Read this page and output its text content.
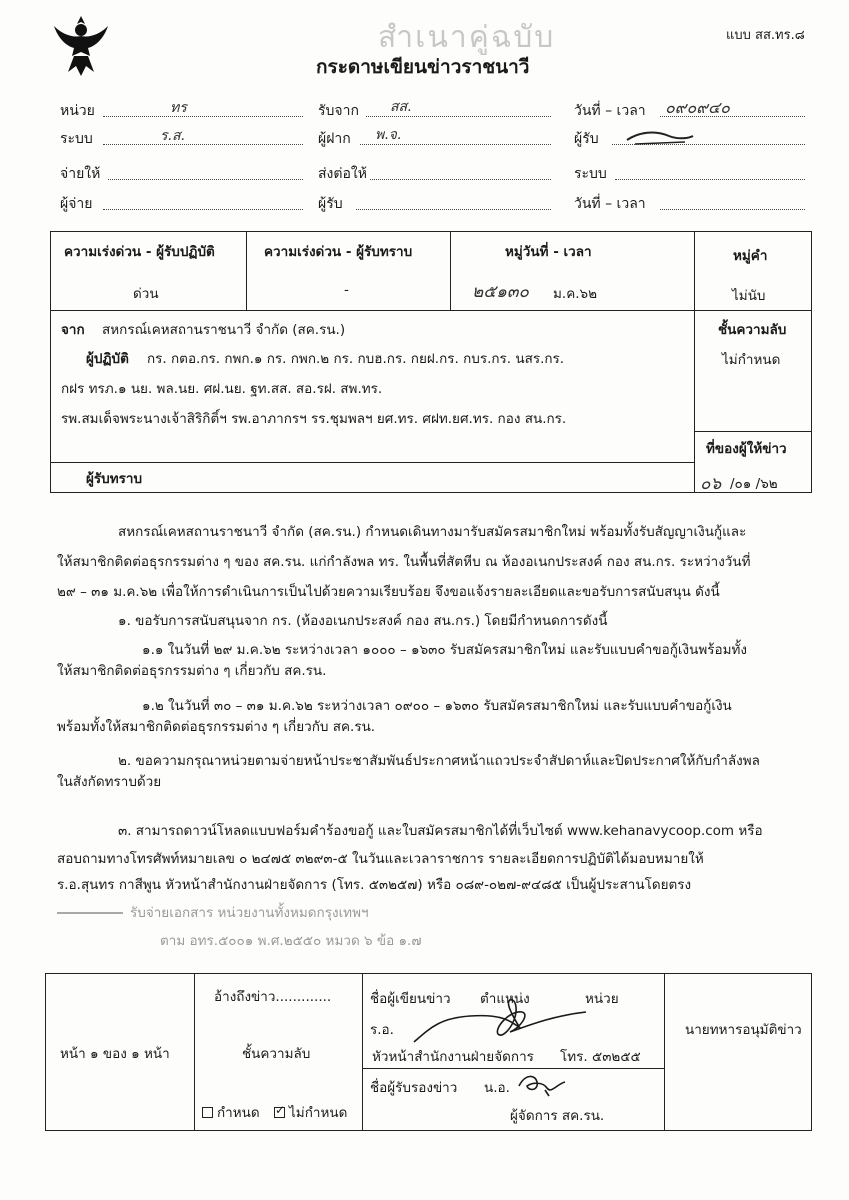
สำเนาคู่ฉบับ	แบบ สส.ทร.๘
กระดาษเขียนข่าวราชนาวี
หน่วย	ทร	รับจาก สส.	วันที่ – เวลา ๐๙๐๙๔๐
ระบบ	ร.ส.	ผู้ฝาก พ.จ.	ผู้รับ
จ่ายให้	ส่งต่อให้	ระบบ
ผู้จ่าย	ผู้รับ	วันที่ – เวลา
ความเร่งด่วน - ผู้รับปฏิบัติ	ความเร่งด่วน - ผู้รับทราบ	หมู่วันที่ - เวลา	หมู่คำ
ด่วน	-	๒๕๑๓๐ ม.ค.๖๒	ไม่นับ
จาก สหกรณ์เคหสถานราชนาวี จำกัด (สค.รน.)	ชั้นความลับ
ไม่กำหนด
ผู้ปฏิบัติ กร. กตอ.กร. กพก.๑ กร. กพก.๒ กร. กบฮ.กร. กยฝ.กร. กบร.กร. นสร.กร.
กฝร ทรภ.๑ นย. พล.นย. ศฝ.นย. ฐท.สส. สอ.รฝ. สพ.ทร.
รพ.สมเด็จพระนางเจ้าสิริกิติ์ฯ รพ.อาภากรฯ รร.ชุมพลฯ ยศ.ทร. ศฝท.ยศ.ทร. กอง สน.กร.
ที่ของผู้ให้ข่าว
๐๖ /๐๑ /๖๒
ผู้รับทราบ
สหกรณ์เคหสถานราชนาวี จำกัด (สค.รน.) กำหนดเดินทางมารับสมัครสมาชิกใหม่ พร้อมทั้งรับสัญญาเงินกู้และ
ให้สมาชิกติดต่อธุรกรรมต่าง ๆ ของ สค.รน. แก่กำลังพล ทร. ในพื้นที่สัตหีบ ณ ห้องอเนกประสงค์ กอง สน.กร. ระหว่างวันที่
๒๙ – ๓๑ ม.ค.๖๒ เพื่อให้การดำเนินการเป็นไปด้วยความเรียบร้อย จึงขอแจ้งรายละเอียดและขอรับการสนับสนุน ดังนี้
๑. ขอรับการสนับสนุนจาก กร. (ห้องอเนกประสงค์ กอง สน.กร.) โดยมีกำหนดการดังนี้
๑.๑ ในวันที่ ๒๙ ม.ค.๖๒ ระหว่างเวลา ๑๐๐๐ – ๑๖๓๐ รับสมัครสมาชิกใหม่ และรับแบบคำขอกู้เงินพร้อมทั้ง
ให้สมาชิกติดต่อธุรกรรมต่าง ๆ เกี่ยวกับ สค.รน.
๑.๒ ในวันที่ ๓๐ – ๓๑ ม.ค.๖๒ ระหว่างเวลา ๐๙๐๐ – ๑๖๓๐ รับสมัครสมาชิกใหม่ และรับแบบคำขอกู้เงิน
พร้อมทั้งให้สมาชิกติดต่อธุรกรรมต่าง ๆ เกี่ยวกับ สค.รน.
๒. ขอความกรุณาหน่วยตามจ่ายหน้าประชาสัมพันธ์ประกาศหน้าแถวประจำสัปดาห์และปิดประกาศให้กับกำลังพล
ในสังกัดทราบด้วย
๓. สามารถดาวน์โหลดแบบฟอร์มคำร้องขอกู้ และใบสมัครสมาชิกได้ที่เว็บไซต์ www.kehanavycoop.com หรือ
สอบถามทางโทรศัพท์หมายเลข ๐ ๒๔๗๕ ๓๒๙๓-๕ ในวันและเวลาราชการ รายละเอียดการปฏิบัติได้มอบหมายให้
ร.อ.สุนทร กาสีพูน หัวหน้าสำนักงานฝ่ายจัดการ (โทร. ๕๓๒๕๗) หรือ ๐๘๙-๐๒๗-๙๔๘๕ เป็นผู้ประสานโดยตรง
รับจ่ายเอกสาร หน่วยงานทั้งหมดกรุงเทพฯ
ตาม อทร.๕๐๐๑ พ.ศ.๒๕๕๐ หมวด ๖ ข้อ ๑.๗
หน้า ๑ ของ ๑ หน้า
อ้างถึงข่าว.............
ชั้นความลับ
กำหนด
✓	ไม่กำหนด
ชื่อผู้เขียนข่าว ตำแหน่ง	หน่วย
ร.อ.
หัวหน้าสำนักงานฝ่ายจัดการ โทร. ๕๓๒๕๕
ชื่อผู้รับรองข่าว น.อ.
ผู้จัดการ สค.รน.
นายทหารอนุมัติข่าว
